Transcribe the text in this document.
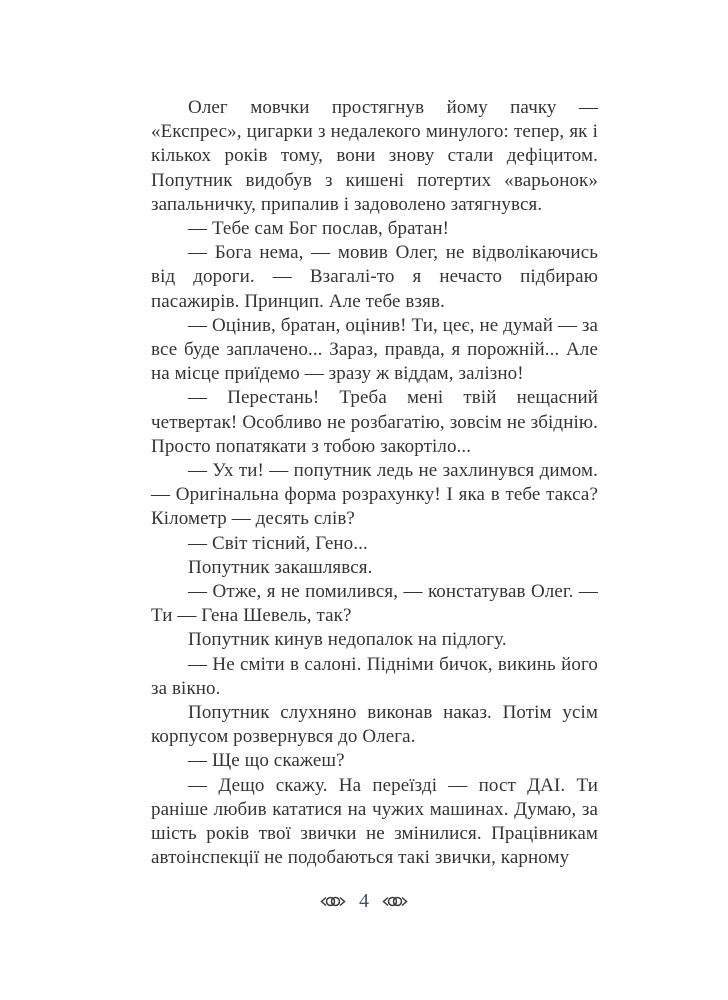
Олег мовчки простягнув йому пачку — «Експрес», цигарки з недалекого минулого: тепер, як і кількох років тому, вони знову стали дефіцитом. Попутник видобув з кишені потертих «варьонок» запальничку, припалив і задоволено затягнувся.

— Тебе сам Бог послав, братан!

— Бога нема, — мовив Олег, не відволікаючись від дороги. — Взагалі-то я нечасто підбираю пасажирів. Принцип. Але тебе взяв.

— Оцінив, братан, оцінив! Ти, цеє, не думай — за все буде заплачено... Зараз, правда, я порожній... Але на місце приїдемо — зразу ж віддам, залізно!

— Перестань! Треба мені твій нещасний четвертак! Особливо не розбагатію, зовсім не збіднію. Просто попатякати з тобою закортіло...

— Ух ти! — попутник ледь не захлинувся димом. — Оригінальна форма розрахунку! І яка в тебе такса? Кілометр — десять слів?

— Світ тісний, Гено...

Попутник закашлявся.

— Отже, я не помилився, — констатував Олег. — Ти — Гена Шевель, так?

Попутник кинув недопалок на підлогу.

— Не сміти в салоні. Підніми бичок, викинь його за вікно.

Попутник слухняно виконав наказ. Потім усім корпусом розвернувся до Олега.

— Ще що скажеш?

— Дещо скажу. На переїзді — пост ДАІ. Ти раніше любив кататися на чужих машинах. Думаю, за шість років твої звички не змінилися. Працівникам автоінспекції не подобаються такі звички, карному

4
